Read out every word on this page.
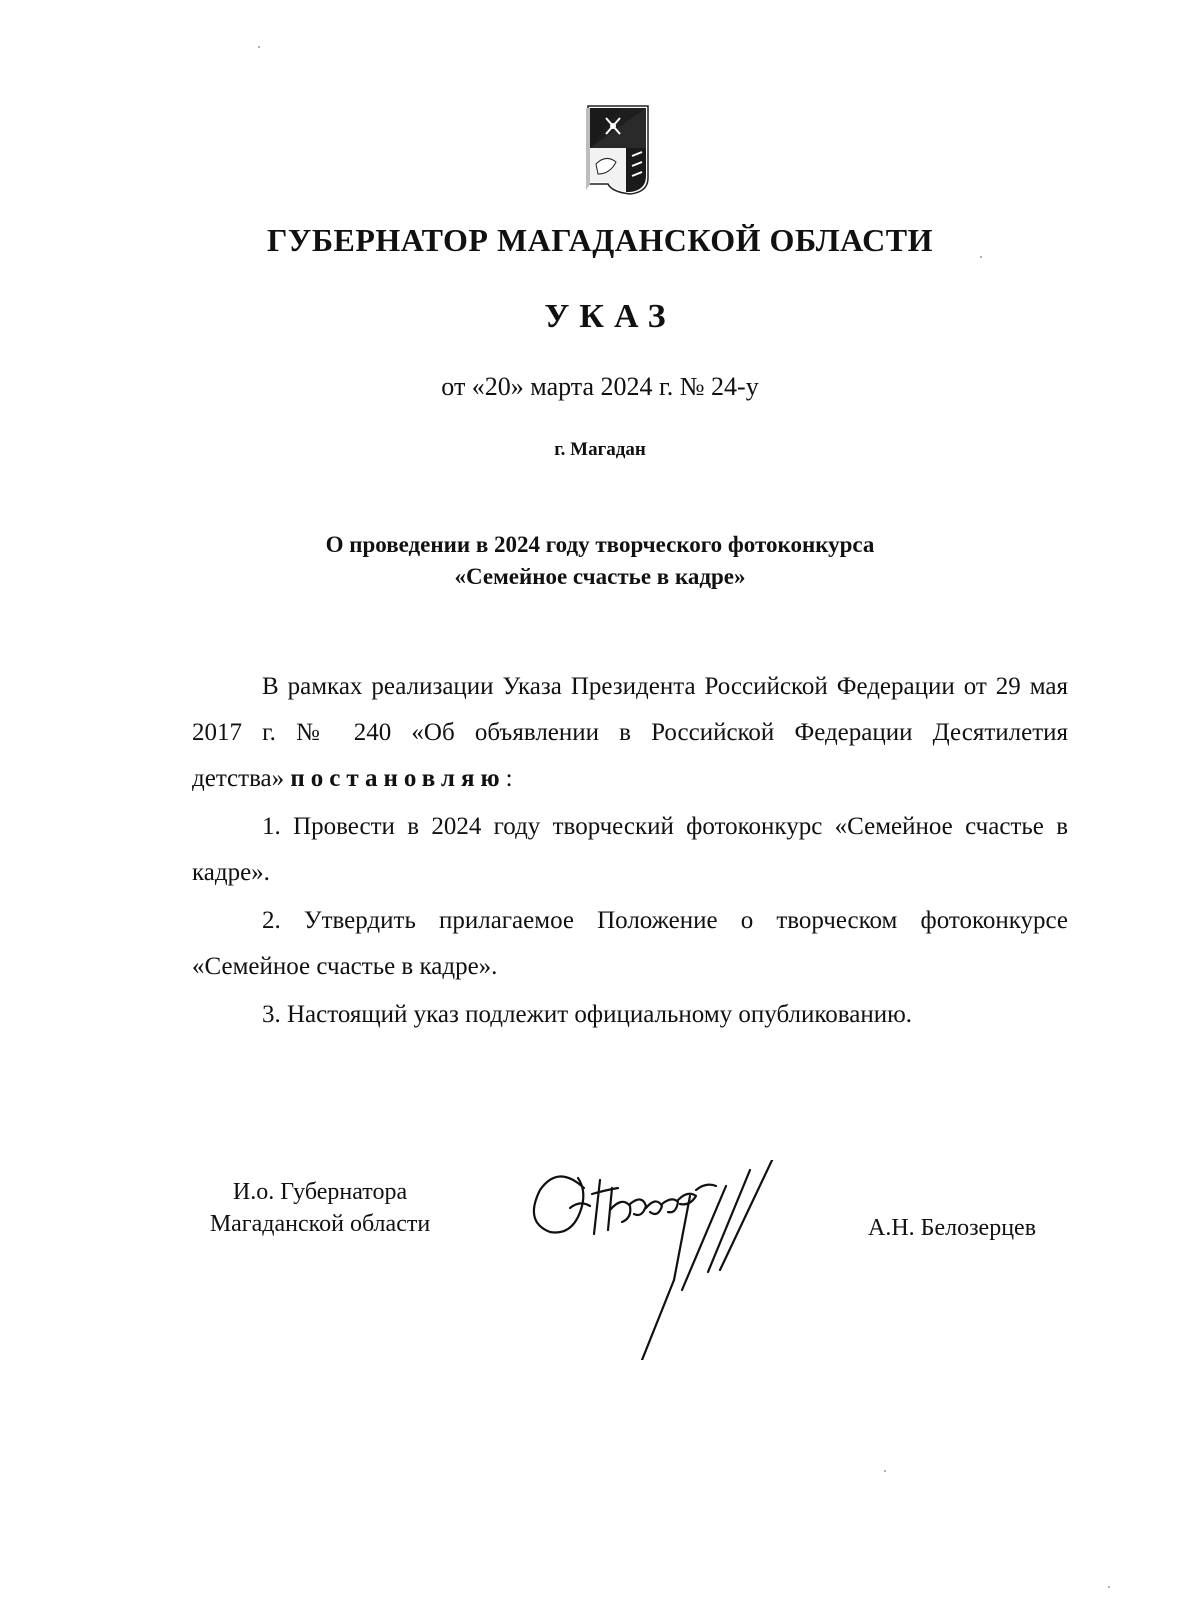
ГУБЕРНАТОР МАГАДАНСКОЙ ОБЛАСТИ
УКАЗ
от «20» марта 2024 г. № 24-у
г. Магадан
О проведении в 2024 году творческого фотоконкурса
«Семейное счастье в кадре»

В рамках реализации Указа Президента Российской Федерации от 29 мая 2017 г. № 240 «Об объявлении в Российской Федерации Десятилетия детства» постановляю:

1. Провести в 2024 году творческий фотоконкурс «Семейное счастье в кадре».

2. Утвердить прилагаемое Положение о творческом фотоконкурсе «Семейное счастье в кадре».

3. Настоящий указ подлежит официальному опубликованию.

И.о. Губернатора
Магаданской области	А.Н. Белозерцев
